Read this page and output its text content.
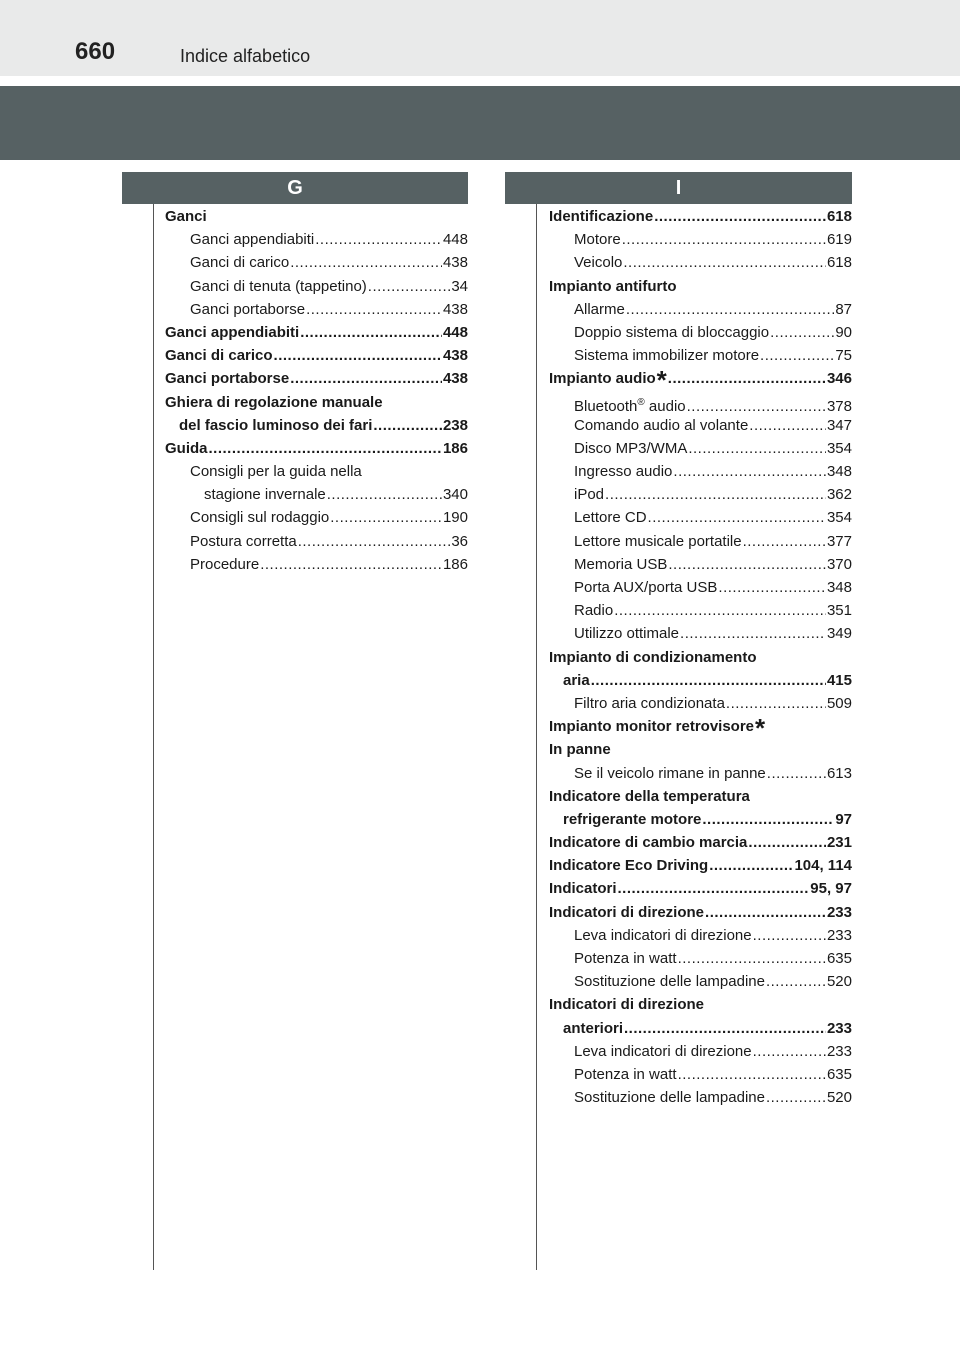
660	Indice alfabetico
G	I
Ganci
Ganci appendiabiti .....	448
Ganci di carico .....	438
Ganci di tenuta (tappetino) .....	34
Ganci portaborse .....	438
Ganci appendiabiti .....	448
Ganci di carico .....	438
Ganci portaborse .....	438
Ghiera di regolazione manuale
del fascio luminoso dei fari .....	238
Guida .....	186
Consigli per la guida nella
stagione invernale .....	340
Consigli sul rodaggio .....	190
Postura corretta .....	36
Procedure .....	186
Identificazione .....	618
Motore .....	619
Veicolo .....	618
Impianto antifurto
Allarme .....	87
Doppio sistema di bloccaggio .....	90
Sistema immobilizer motore .....	75
Impianto audio* .....	346
Bluetooth® audio .....	378
Comando audio al volante .....	347
Disco MP3/WMA .....	354
Ingresso audio .....	348
iPod .....	362
Lettore CD .....	354
Lettore musicale portatile .....	377
Memoria USB .....	370
Porta AUX/porta USB .....	348
Radio .....	351
Utilizzo ottimale .....	349
Impianto di condizionamento
aria .....	415
Filtro aria condizionata .....	509
Impianto monitor retrovisore*
In panne
Se il veicolo rimane in panne .....	613
Indicatore della temperatura
refrigerante motore .....	97
Indicatore di cambio marcia .....	231
Indicatore Eco Driving .....	104, 114
Indicatori .....	95, 97
Indicatori di direzione .....	233
Leva indicatori di direzione .....	233
Potenza in watt .....	635
Sostituzione delle lampadine .....	520
Indicatori di direzione
anteriori .....	233
Leva indicatori di direzione .....	233
Potenza in watt .....	635
Sostituzione delle lampadine .....	520
